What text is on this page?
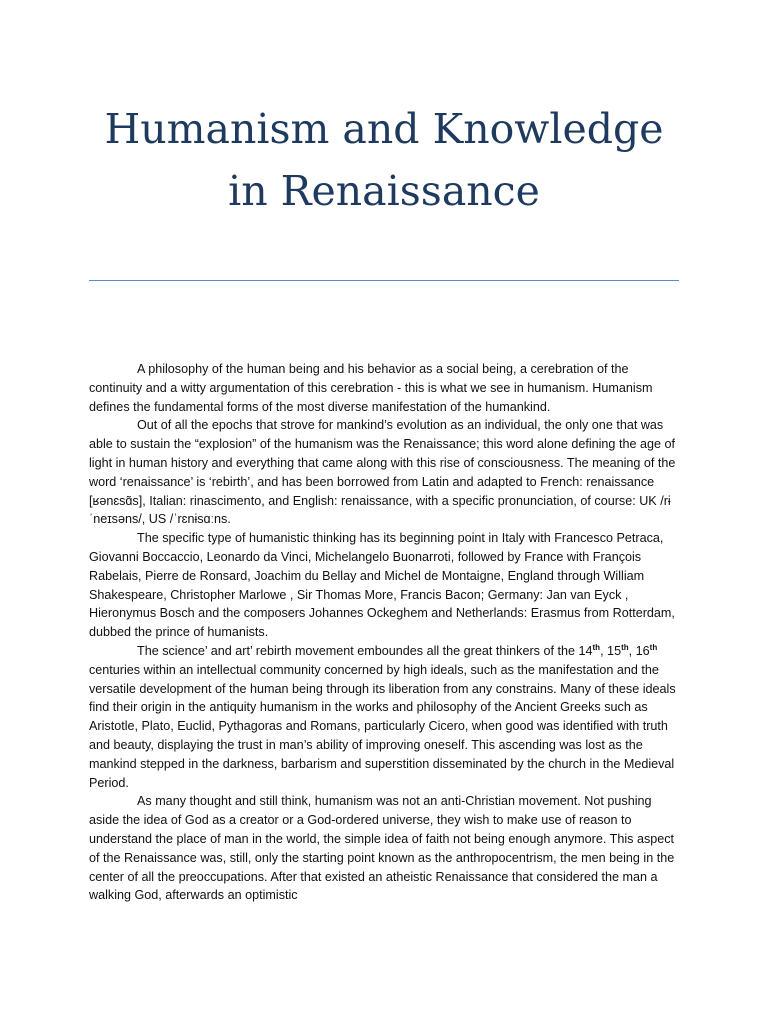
Humanism and Knowledge
in Renaissance

A philosophy of the human being and his behavior as a social being, a cerebration of the continuity and a witty argumentation of this cerebration - this is what we see in humanism. Humanism defines the fundamental forms of the most diverse manifestation of the humankind.

Out of all the epochs that strove for mankind’s evolution as an individual, the only one that was able to sustain the “explosion” of the humanism was the Renaissance; this word alone defining the age of light in human history and everything that came along with this rise of consciousness. The meaning of the word ‘renaissance’ is ‘rebirth’, and has been borrowed from Latin and adapted to French: renaissance [ʁənɛsɑ̃s], Italian: rinascimento, and English: renaissance, with a specific pronunciation, of course: UK /rɨˈneɪsəns/, US /ˈrɛnɨsɑːns.

The specific type of humanistic thinking has its beginning point in Italy with Francesco Petraca, Giovanni Boccaccio, Leonardo da Vinci, Michelangelo Buonarroti, followed by France with François Rabelais, Pierre de Ronsard, Joachim du Bellay and Michel de Montaigne, England through William Shakespeare, Christopher Marlowe , Sir Thomas More, Francis Bacon; Germany: Jan van Eyck , Hieronymus Bosch and the composers Johannes Ockeghem and Netherlands: Erasmus from Rotterdam, dubbed the prince of humanists.

The science’ and art’ rebirth movement emboundes all the great thinkers of the 14th, 15th, 16th centuries within an intellectual community concerned by high ideals, such as the manifestation and the versatile development of the human being through its liberation from any constrains. Many of these ideals find their origin in the antiquity humanism in the works and philosophy of the Ancient Greeks such as Aristotle, Plato, Euclid, Pythagoras and Romans, particularly Cicero, when good was identified with truth and beauty, displaying the trust in man’s ability of improving oneself. This ascending was lost as the mankind stepped in the darkness, barbarism and superstition disseminated by the church in the Medieval Period.

As many thought and still think, humanism was not an anti-Christian movement. Not pushing aside the idea of God as a creator or a God-ordered universe, they wish to make use of reason to understand the place of man in the world, the simple idea of faith not being enough anymore. This aspect of the Renaissance was, still, only the starting point known as the anthropocentrism, the men being in the center of all the preoccupations. After that existed an atheistic Renaissance that considered the man a walking God, afterwards an optimistic
